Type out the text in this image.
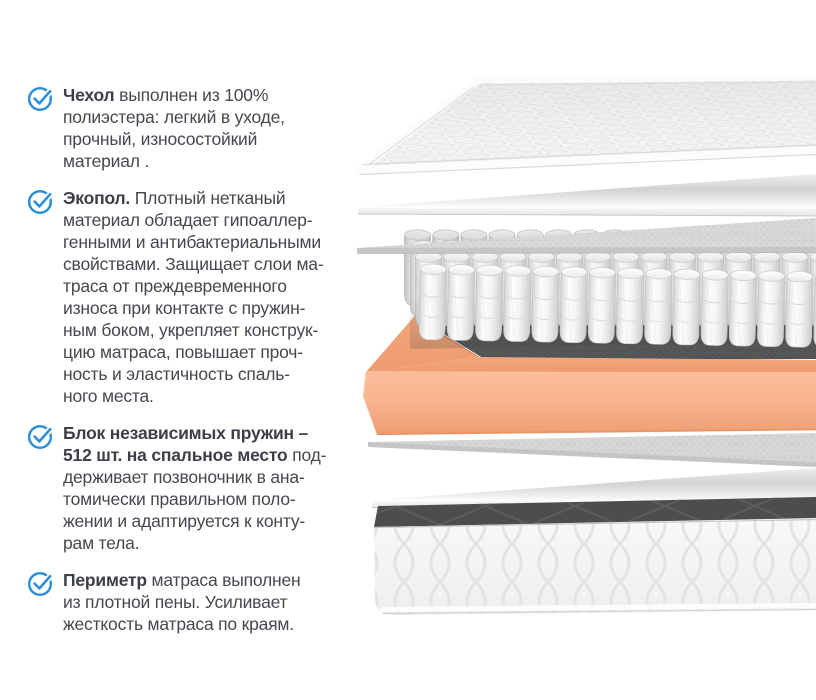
Чехол выполнен из 100%
полиэстера: легкий в уходе,
прочный, износостойкий
материал .
Экопол. Плотный нетканый
материал обладает гипоаллер-
генными и антибактериальными
свойствами. Защищает слои ма-
траса от преждевременного
износа при контакте с пружин-
ным боком, укрепляет конструк-
цию матраса, повышает проч-
ность и эластичность спаль-
ного места.
Блок независимых пружин –
512 шт. на спальное место под-
держивает позвоночник в ана-
томически правильном поло-
жении и адаптируется к конту-
рам тела.
Периметр матраса выполнен
из плотной пены. Усиливает
жесткость матраса по краям.
